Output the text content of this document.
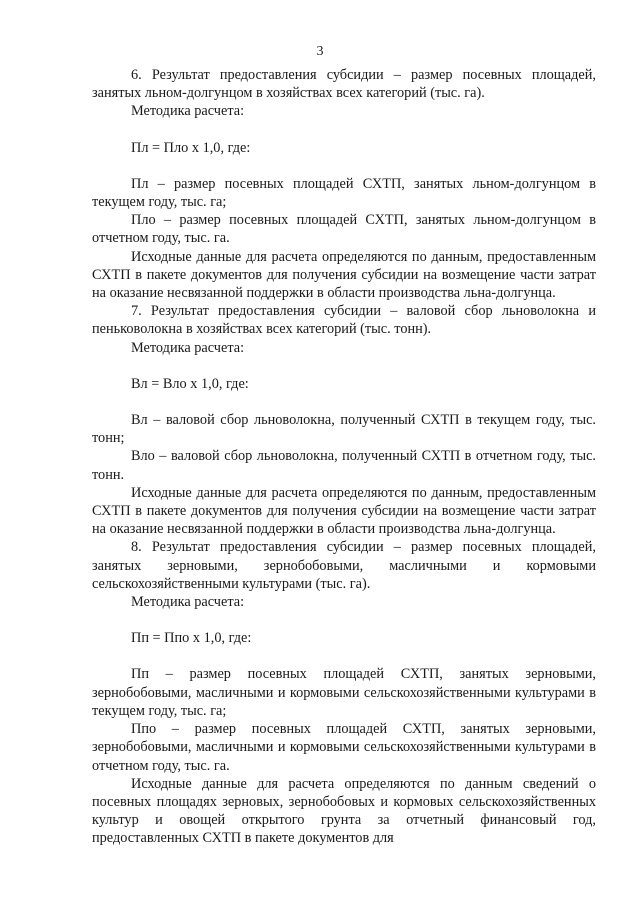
3

6. Результат предоставления субсидии – размер посевных площадей, занятых льном-долгунцом в хозяйствах всех категорий (тыс. га).

Методика расчета:

Пл = Пло х 1,0, где:

Пл – размер посевных площадей СХТП, занятых льном-долгунцом в текущем году, тыс. га;

Пло – размер посевных площадей СХТП, занятых льном-долгунцом в отчетном году, тыс. га.

Исходные данные для расчета определяются по данным, предоставленным СХТП в пакете документов для получения субсидии на возмещение части затрат на оказание несвязанной поддержки в области производства льна-долгунца.

7. Результат предоставления субсидии – валовой сбор льноволокна и пеньковолокна в хозяйствах всех категорий (тыс. тонн).

Методика расчета:

Вл = Вло х 1,0, где:

Вл – валовой сбор льноволокна, полученный СХТП в текущем году, тыс. тонн;

Вло – валовой сбор льноволокна, полученный СХТП в отчетном году, тыс. тонн.

Исходные данные для расчета определяются по данным, предоставленным СХТП в пакете документов для получения субсидии на возмещение части затрат на оказание несвязанной поддержки в области производства льна-долгунца.

8. Результат предоставления субсидии – размер посевных площадей, занятых зерновыми, зернобобовыми, масличными и кормовыми сельскохозяйственными культурами (тыс. га).

Методика расчета:

Пп = Ппо х 1,0, где:

Пп – размер посевных площадей СХТП, занятых зерновыми, зернобобовыми, масличными и кормовыми сельскохозяйственными культурами в текущем году, тыс. га;

Ппо – размер посевных площадей СХТП, занятых зерновыми, зернобобовыми, масличными и кормовыми сельскохозяйственными культурами в отчетном году, тыс. га.

Исходные данные для расчета определяются по данным сведений о посевных площадях зерновых, зернобобовых и кормовых сельскохозяйственных культур и овощей открытого грунта за отчетный финансовый год, предоставленных СХТП в пакете документов для
